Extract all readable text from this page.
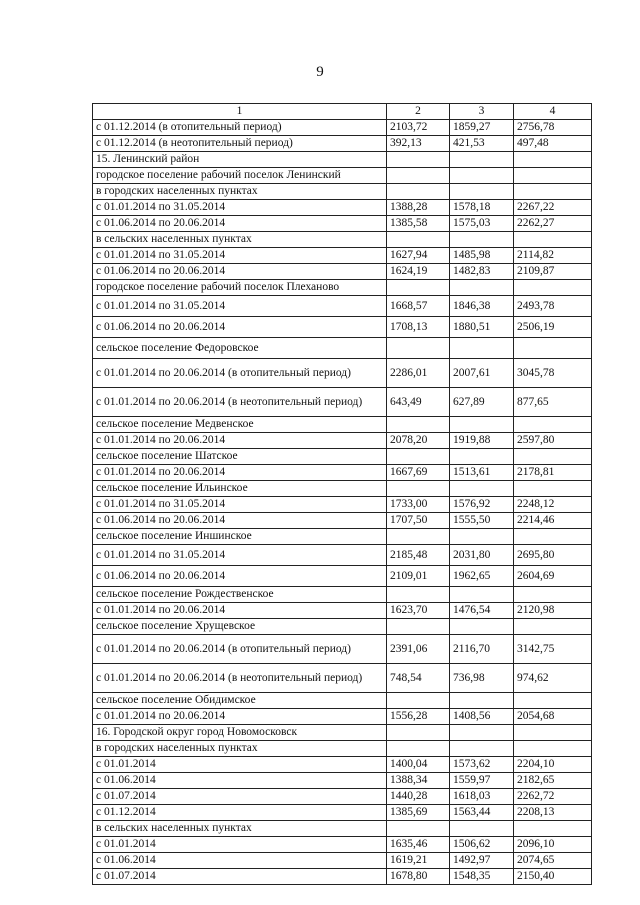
9
1	2	3	4
с 01.12.2014 (в отопительный период)	2103,72	1859,27	2756,78
с 01.12.2014 (в неотопительный период)	392,13	421,53	497,48
15. Ленинский район			
городское поселение рабочий поселок Ленинский			
в городских населенных пунктах			
с 01.01.2014 по 31.05.2014	1388,28	1578,18	2267,22
с 01.06.2014 по 20.06.2014	1385,58	1575,03	2262,27
в сельских населенных пунктах			
с 01.01.2014 по 31.05.2014	1627,94	1485,98	2114,82
с 01.06.2014 по 20.06.2014	1624,19	1482,83	2109,87
городское поселение рабочий поселок Плеханово			
с 01.01.2014 по 31.05.2014	1668,57	1846,38	2493,78
с 01.06.2014 по 20.06.2014	1708,13	1880,51	2506,19
сельское поселение Федоровское			
с 01.01.2014 по 20.06.2014 (в отопительный период)	2286,01	2007,61	3045,78
с 01.01.2014 по 20.06.2014 (в неотопительный период)	643,49	627,89	877,65
сельское поселение Медвенское			
с 01.01.2014 по 20.06.2014	2078,20	1919,88	2597,80
сельское поселение Шатское			
с 01.01.2014 по 20.06.2014	1667,69	1513,61	2178,81
сельское поселение Ильинское			
с 01.01.2014 по 31.05.2014	1733,00	1576,92	2248,12
с 01.06.2014 по 20.06.2014	1707,50	1555,50	2214,46
сельское поселение Иншинское			
с 01.01.2014 по 31.05.2014	2185,48	2031,80	2695,80
с 01.06.2014 по 20.06.2014	2109,01	1962,65	2604,69
сельское поселение Рождественское			
с 01.01.2014 по 20.06.2014	1623,70	1476,54	2120,98
сельское поселение Хрущевское			
с 01.01.2014 по 20.06.2014 (в отопительный период)	2391,06	2116,70	3142,75
с 01.01.2014 по 20.06.2014 (в неотопительный период)	748,54	736,98	974,62
сельское поселение Обидимское			
с 01.01.2014 по 20.06.2014	1556,28	1408,56	2054,68
16. Городской округ город Новомосковск			
в городских населенных пунктах			
с 01.01.2014	1400,04	1573,62	2204,10
с 01.06.2014	1388,34	1559,97	2182,65
с 01.07.2014	1440,28	1618,03	2262,72
с 01.12.2014	1385,69	1563,44	2208,13
в сельских населенных пунктах			
с 01.01.2014	1635,46	1506,62	2096,10
с 01.06.2014	1619,21	1492,97	2074,65
с 01.07.2014	1678,80	1548,35	2150,40
